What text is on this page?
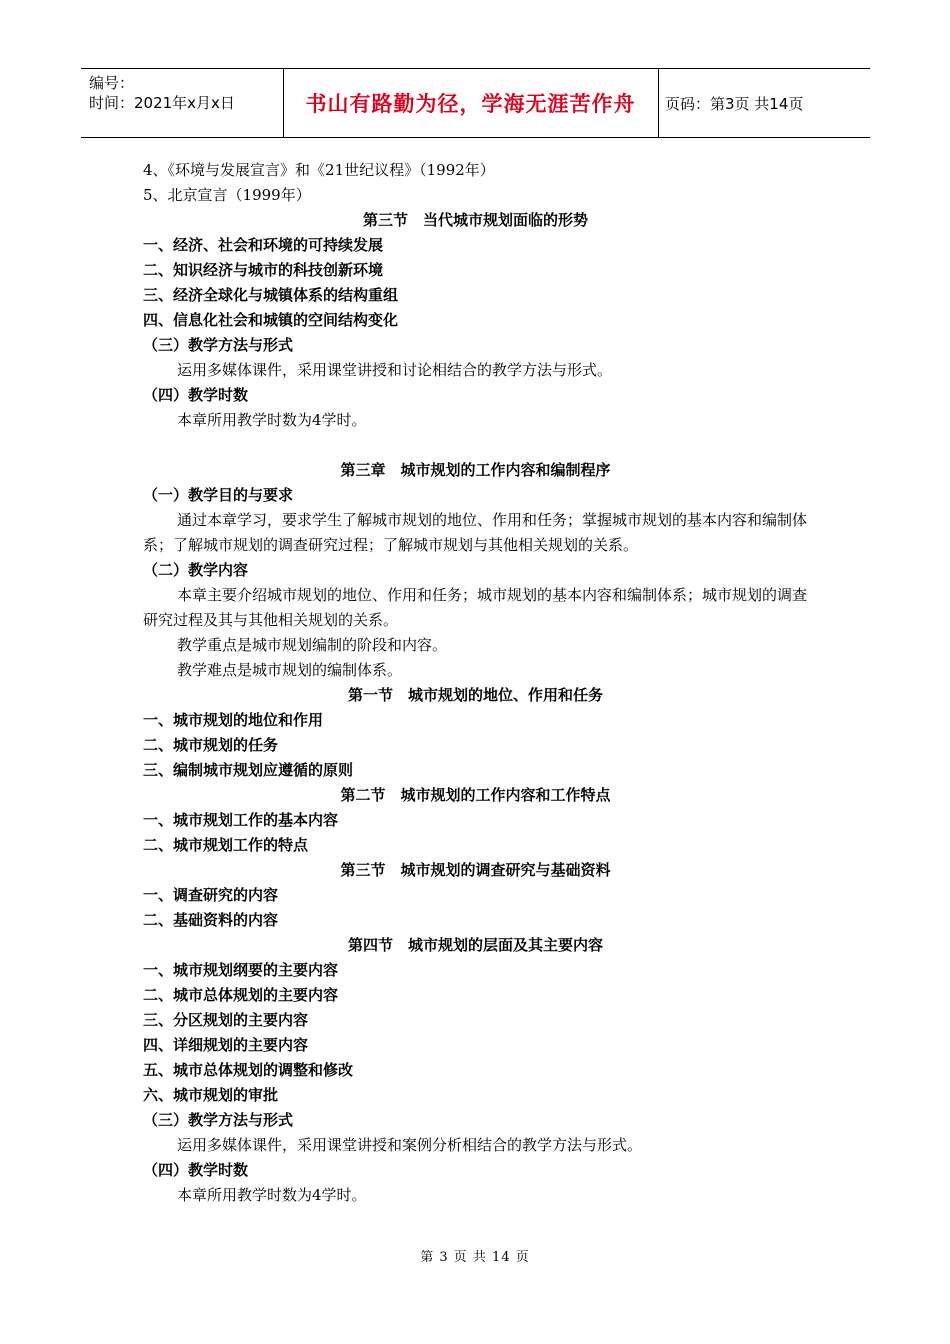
编号：
时间：2021年x月x日	书山有路勤为径，学海无涯苦作舟	页码：第3页 共14页
4、《环境与发展宣言》和《21世纪议程》（1992年）
5、北京宣言（1999年）
第三节　当代城市规划面临的形势
一、经济、社会和环境的可持续发展
二、知识经济与城市的科技创新环境
三、经济全球化与城镇体系的结构重组
四、信息化社会和城镇的空间结构变化
（三）教学方法与形式
运用多媒体课件，采用课堂讲授和讨论相结合的教学方法与形式。
（四）教学时数
本章所用教学时数为4学时。
第三章　城市规划的工作内容和编制程序
（一）教学目的与要求
通过本章学习，要求学生了解城市规划的地位、作用和任务；掌握城市规划的基本内容和编制体系；了解城市规划的调查研究过程；了解城市规划与其他相关规划的关系。
（二）教学内容
本章主要介绍城市规划的地位、作用和任务；城市规划的基本内容和编制体系；城市规划的调查研究过程及其与其他相关规划的关系。
教学重点是城市规划编制的阶段和内容。
教学难点是城市规划的编制体系。
第一节　城市规划的地位、作用和任务
一、城市规划的地位和作用
二、城市规划的任务
三、编制城市规划应遵循的原则
第二节　城市规划的工作内容和工作特点
一、城市规划工作的基本内容
二、城市规划工作的特点
第三节　城市规划的调查研究与基础资料
一、调查研究的内容
二、基础资料的内容
第四节　城市规划的层面及其主要内容
一、城市规划纲要的主要内容
二、城市总体规划的主要内容
三、分区规划的主要内容
四、详细规划的主要内容
五、城市总体规划的调整和修改
六、城市规划的审批
（三）教学方法与形式
运用多媒体课件，采用课堂讲授和案例分析相结合的教学方法与形式。
（四）教学时数
本章所用教学时数为4学时。
第 3 页 共 14 页
